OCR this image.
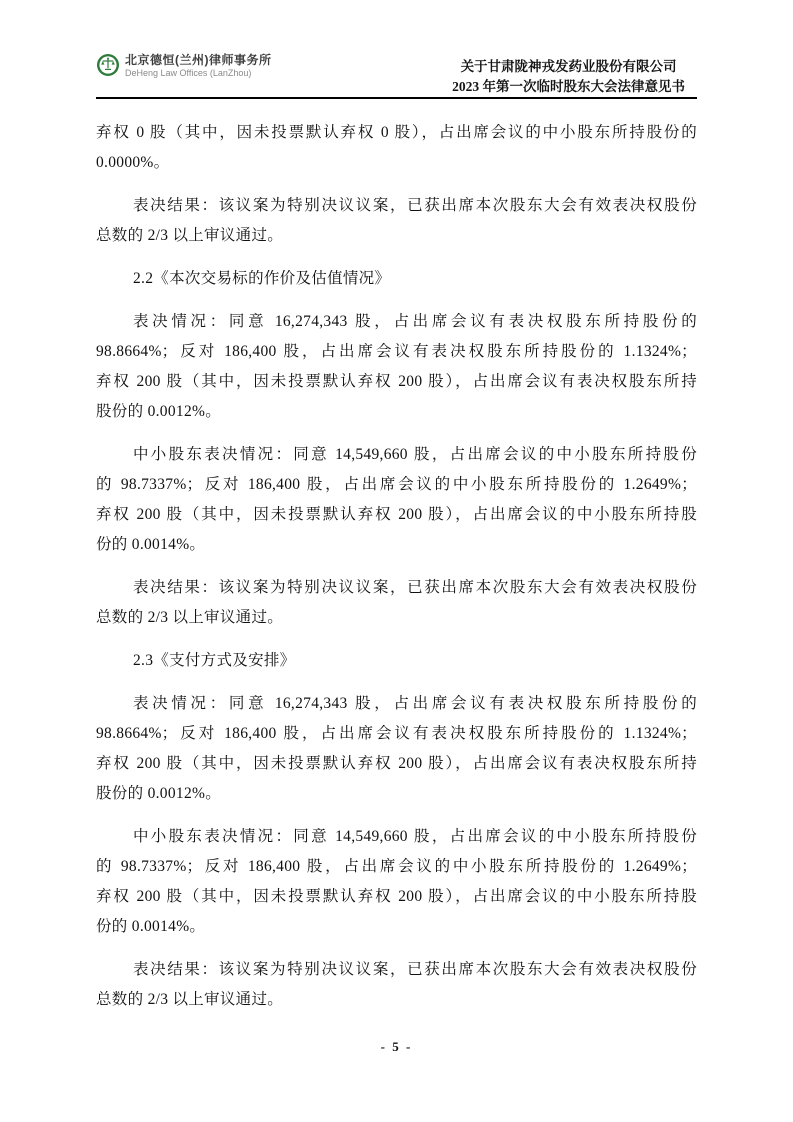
北京德恒(兰州)律师事务所
DeHeng Law Offices (LanZhou)	关于甘肃陇神戎发药业股份有限公司
2023 年第一次临时股东大会法律意见书
弃权 0 股（其中，因未投票默认弃权 0 股），占出席会议的中小股东所持股份的
0.0000%。
表决结果：该议案为特别决议议案，已获出席本次股东大会有效表决权股份
总数的 2/3 以上审议通过。
2.2《本次交易标的作价及估值情况》
表决情况：同意 16,274,343 股，占出席会议有表决权股东所持股份的
98.8664%；反对 186,400 股，占出席会议有表决权股东所持股份的 1.1324%；
弃权 200 股（其中，因未投票默认弃权 200 股），占出席会议有表决权股东所持
股份的 0.0012%。
中小股东表决情况：同意 14,549,660 股，占出席会议的中小股东所持股份
的 98.7337%；反对 186,400 股，占出席会议的中小股东所持股份的 1.2649%；
弃权 200 股（其中，因未投票默认弃权 200 股），占出席会议的中小股东所持股
份的 0.0014%。
表决结果：该议案为特别决议议案，已获出席本次股东大会有效表决权股份
总数的 2/3 以上审议通过。
2.3《支付方式及安排》
表决情况：同意 16,274,343 股，占出席会议有表决权股东所持股份的
98.8664%；反对 186,400 股，占出席会议有表决权股东所持股份的 1.1324%；
弃权 200 股（其中，因未投票默认弃权 200 股），占出席会议有表决权股东所持
股份的 0.0012%。
中小股东表决情况：同意 14,549,660 股，占出席会议的中小股东所持股份
的 98.7337%；反对 186,400 股，占出席会议的中小股东所持股份的 1.2649%；
弃权 200 股（其中，因未投票默认弃权 200 股），占出席会议的中小股东所持股
份的 0.0014%。
表决结果：该议案为特别决议议案，已获出席本次股东大会有效表决权股份
总数的 2/3 以上审议通过。
- 5 -
